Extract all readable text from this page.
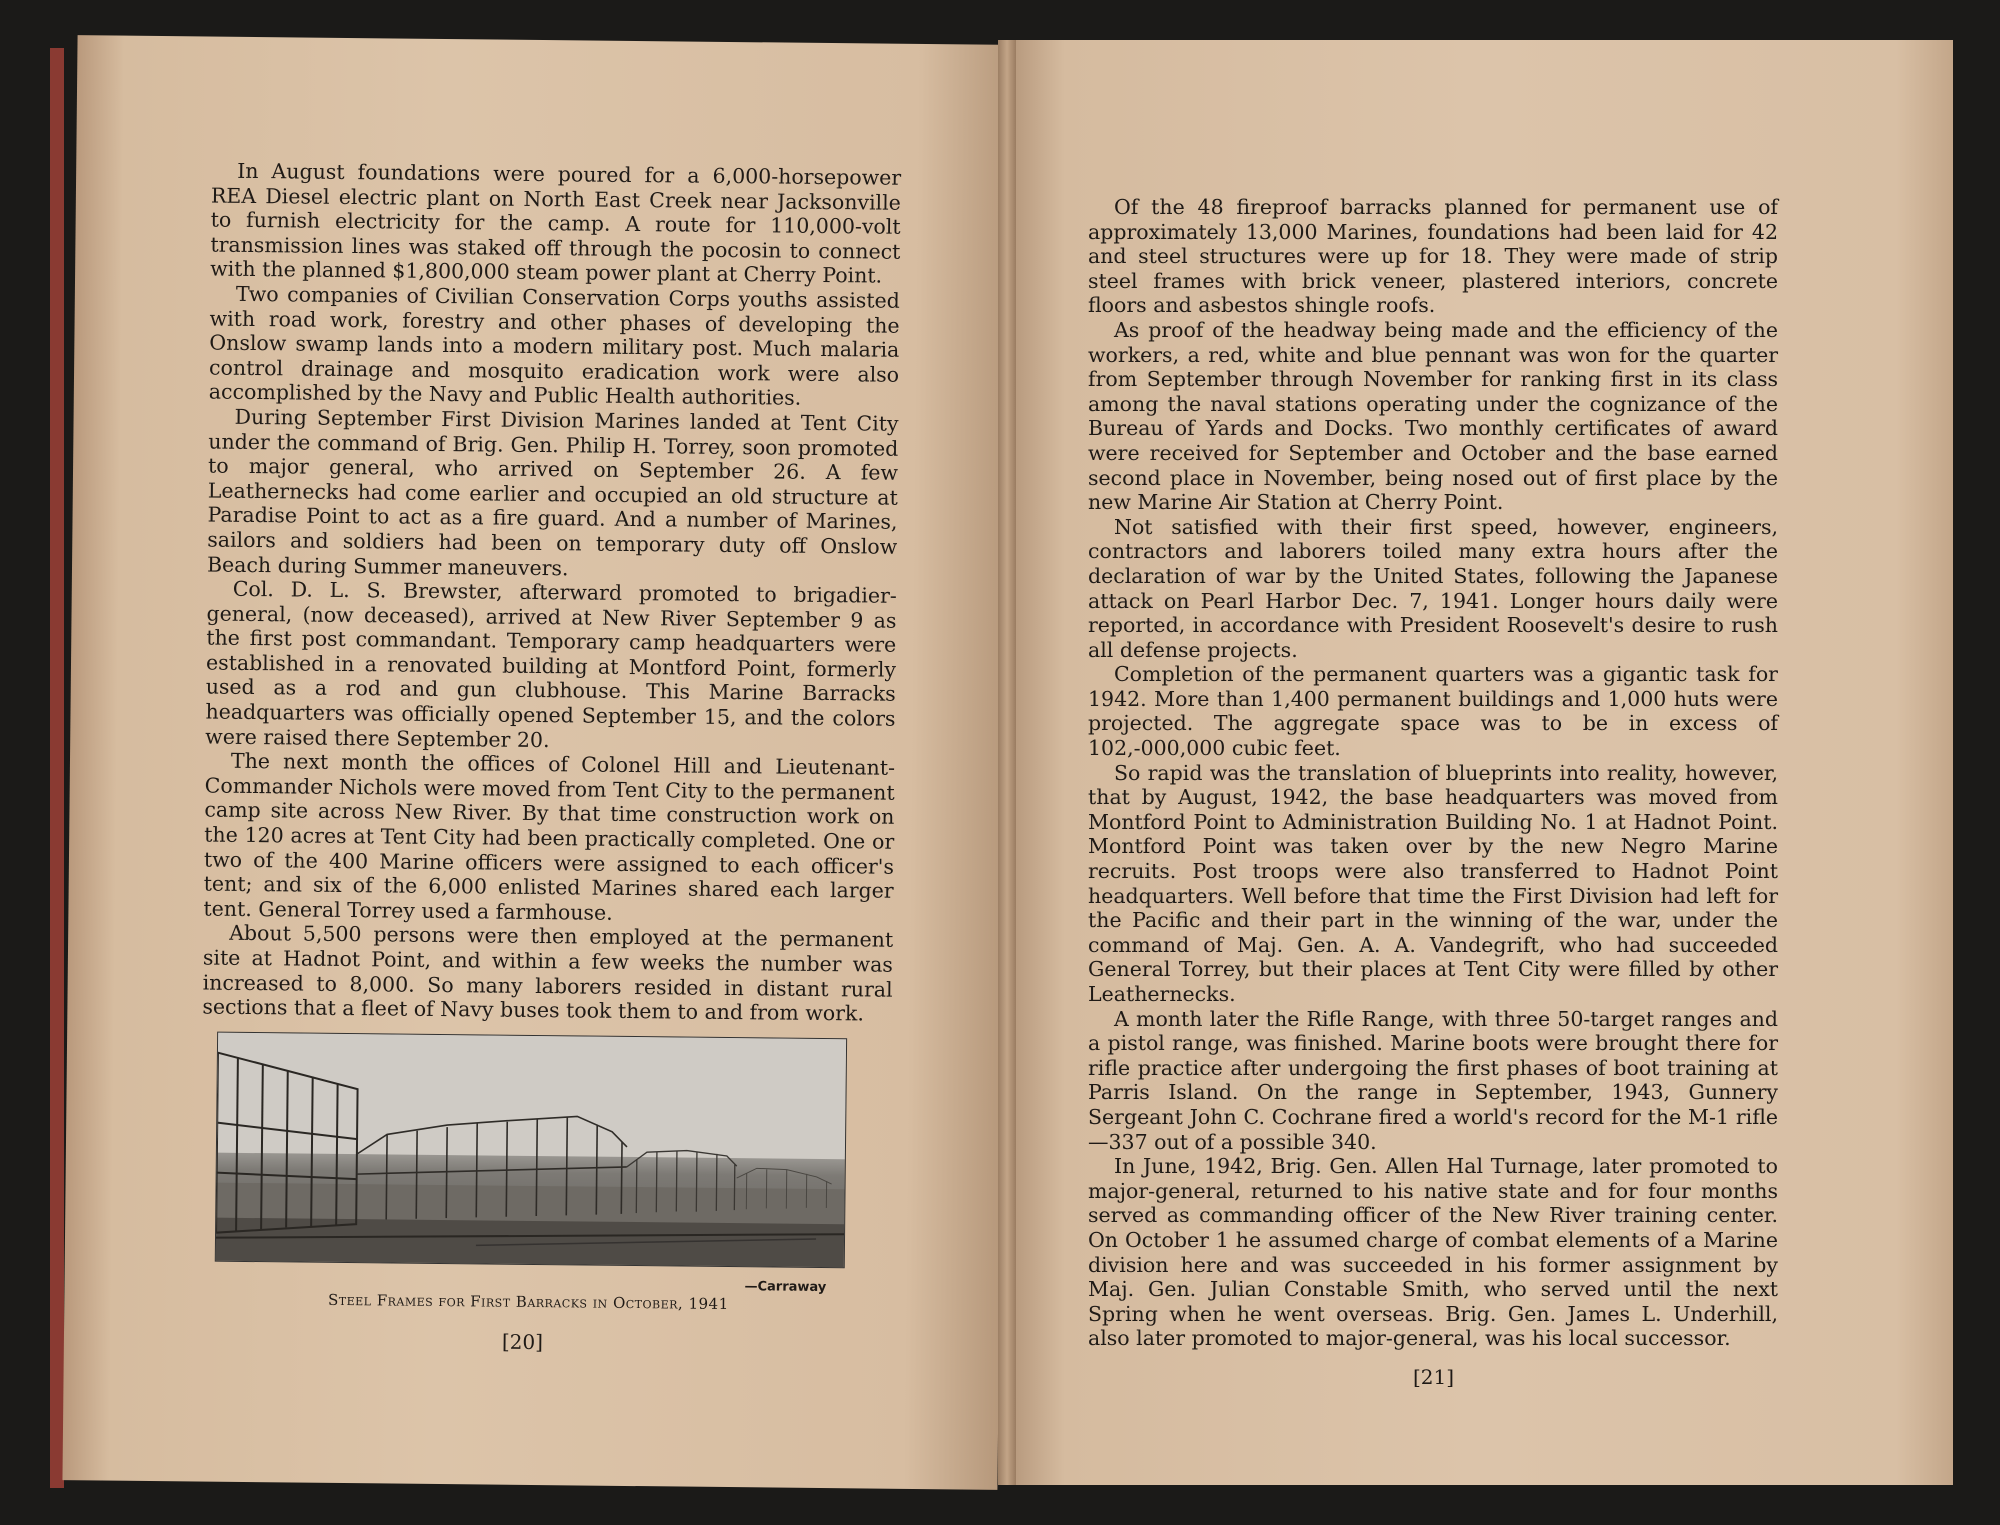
In August foundations were poured for a 6,000-horsepower REA Diesel electric plant on North East Creek near Jacksonville to furnish electricity for the camp. A route for 110,000-volt transmission lines was staked off through the pocosin to connect with the planned $1,800,000 steam power plant at Cherry Point.

Two companies of Civilian Conservation Corps youths assisted with road work, forestry and other phases of developing the Onslow swamp lands into a modern military post. Much malaria control drainage and mosquito eradication work were also accomplished by the Navy and Public Health authorities.

During September First Division Marines landed at Tent City under the command of Brig. Gen. Philip H. Torrey, soon promoted to major general, who arrived on September 26. A few Leathernecks had come earlier and occupied an old structure at Paradise Point to act as a fire guard. And a number of Marines, sailors and soldiers had been on temporary duty off Onslow Beach during Summer maneuvers.

Col. D. L. S. Brewster, afterward promoted to brigadier-general, (now deceased), arrived at New River September 9 as the first post commandant. Temporary camp headquarters were established in a renovated building at Montford Point, formerly used as a rod and gun clubhouse. This Marine Barracks headquarters was officially opened September 15, and the colors were raised there September 20.

The next month the offices of Colonel Hill and Lieutenant-Commander Nichols were moved from Tent City to the permanent camp site across New River. By that time construction work on the 120 acres at Tent City had been practically completed. One or two of the 400 Marine officers were assigned to each officer's tent; and six of the 6,000 enlisted Marines shared each larger tent. General Torrey used a farmhouse.

About 5,500 persons were then employed at the permanent site at Hadnot Point, and within a few weeks the number was increased to 8,000. So many laborers resided in distant rural sections that a fleet of Navy buses took them to and from work.

—Carraway
Steel Frames for First Barracks in October, 1941
[20]

Of the 48 fireproof barracks planned for permanent use of approximately 13,000 Marines, foundations had been laid for 42 and steel structures were up for 18. They were made of strip steel frames with brick veneer, plastered interiors, concrete floors and asbestos shingle roofs.

As proof of the headway being made and the efficiency of the workers, a red, white and blue pennant was won for the quarter from September through November for ranking first in its class among the naval stations operating under the cognizance of the Bureau of Yards and Docks. Two monthly certificates of award were received for September and October and the base earned second place in November, being nosed out of first place by the new Marine Air Station at Cherry Point.

Not satisfied with their first speed, however, engineers, contractors and laborers toiled many extra hours after the declaration of war by the United States, following the Japanese attack on Pearl Harbor Dec. 7, 1941. Longer hours daily were reported, in accordance with President Roosevelt's desire to rush all defense projects.

Completion of the permanent quarters was a gigantic task for 1942. More than 1,400 permanent buildings and 1,000 huts were projected. The aggregate space was to be in excess of 102,-000,000 cubic feet.

So rapid was the translation of blueprints into reality, however, that by August, 1942, the base headquarters was moved from Montford Point to Administration Building No. 1 at Hadnot Point. Montford Point was taken over by the new Negro Marine recruits. Post troops were also transferred to Hadnot Point headquarters. Well before that time the First Division had left for the Pacific and their part in the winning of the war, under the command of Maj. Gen. A. A. Vandegrift, who had succeeded General Torrey, but their places at Tent City were filled by other Leathernecks.

A month later the Rifle Range, with three 50-target ranges and a pistol range, was finished. Marine boots were brought there for rifle practice after undergoing the first phases of boot training at Parris Island. On the range in September, 1943, Gunnery Sergeant John C. Cochrane fired a world's record for the M-1 rifle—337 out of a possible 340.

In June, 1942, Brig. Gen. Allen Hal Turnage, later promoted to major-general, returned to his native state and for four months served as commanding officer of the New River training center. On October 1 he assumed charge of combat elements of a Marine division here and was succeeded in his former assignment by Maj. Gen. Julian Constable Smith, who served until the next Spring when he went overseas. Brig. Gen. James L. Underhill, also later promoted to major-general, was his local successor.

[21]
